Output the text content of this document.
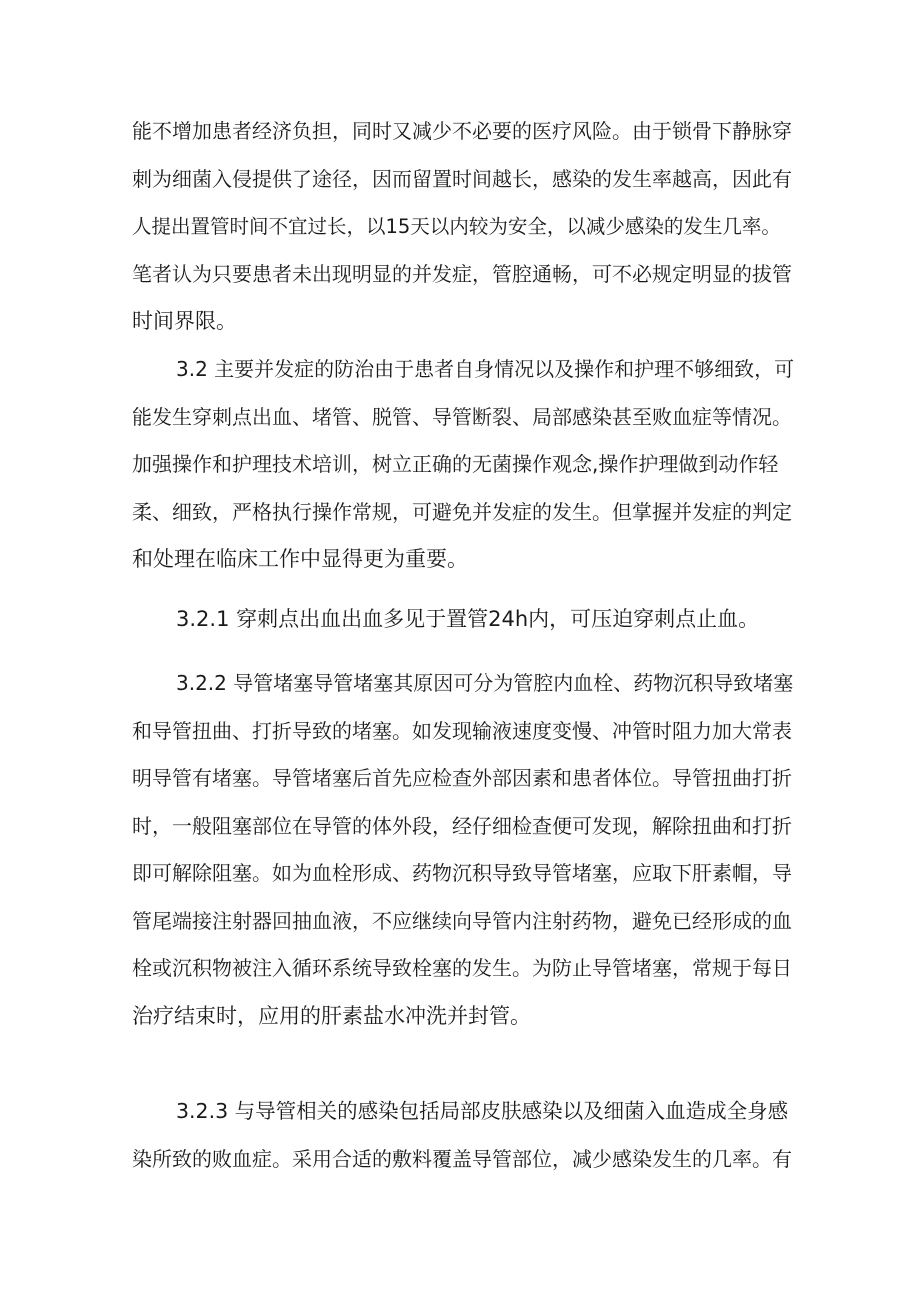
能不增加患者经济负担，同时又减少不必要的医疗风险。由于锁骨下静脉穿
刺为细菌入侵提供了途径，因而留置时间越长，感染的发生率越高，因此有
人提出置管时间不宜过长，以15天以内较为安全，以减少感染的发生几率。
笔者认为只要患者未出现明显的并发症，管腔通畅，可不必规定明显的拔管
时间界限。
3.2 主要并发症的防治由于患者自身情况以及操作和护理不够细致，可
能发生穿刺点出血、堵管、脱管、导管断裂、局部感染甚至败血症等情况。
加强操作和护理技术培训，树立正确的无菌操作观念,操作护理做到动作轻
柔、细致，严格执行操作常规，可避免并发症的发生。但掌握并发症的判定
和处理在临床工作中显得更为重要。
3.2.1 穿刺点出血出血多见于置管24h内，可压迫穿刺点止血。
3.2.2 导管堵塞导管堵塞其原因可分为管腔内血栓、药物沉积导致堵塞
和导管扭曲、打折导致的堵塞。如发现输液速度变慢、冲管时阻力加大常表
明导管有堵塞。导管堵塞后首先应检查外部因素和患者体位。导管扭曲打折
时，一般阻塞部位在导管的体外段，经仔细检查便可发现，解除扭曲和打折
即可解除阻塞。如为血栓形成、药物沉积导致导管堵塞，应取下肝素帽，导
管尾端接注射器回抽血液，不应继续向导管内注射药物，避免已经形成的血
栓或沉积物被注入循环系统导致栓塞的发生。为防止导管堵塞，常规于每日
治疗结束时，应用的肝素盐水冲洗并封管。
3.2.3 与导管相关的感染包括局部皮肤感染以及细菌入血造成全身感
染所致的败血症。采用合适的敷料覆盖导管部位，减少感染发生的几率。有
